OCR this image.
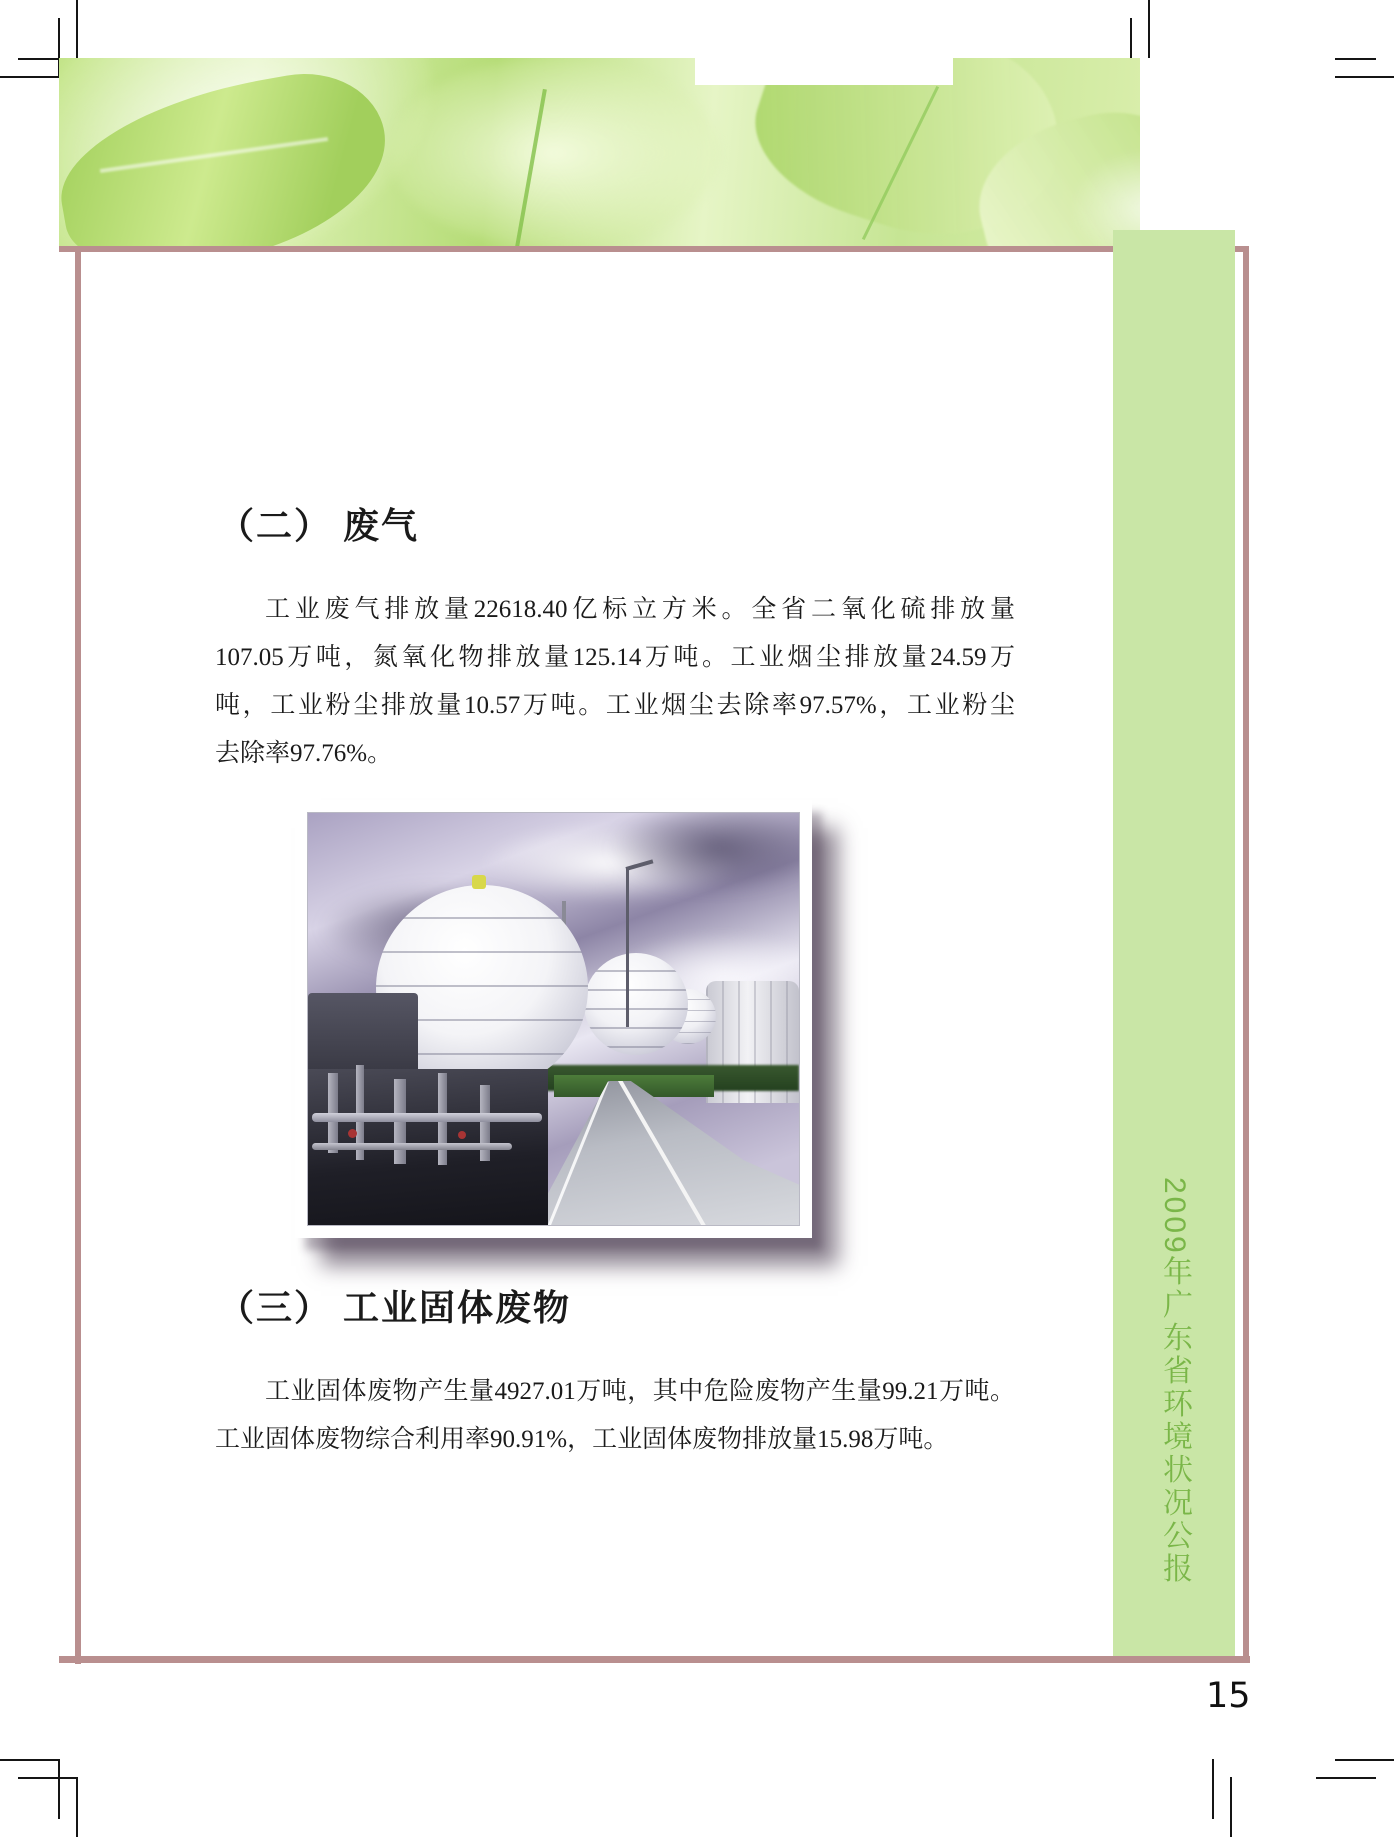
2009年广东省环境状况公报
（二） 废气
工业废气排放量22618.40亿标立方米。全省二氧化硫排放量
107.05万吨，氮氧化物排放量125.14万吨。工业烟尘排放量24.59万
吨，工业粉尘排放量10.57万吨。工业烟尘去除率97.57%，工业粉尘
去除率97.76%。
（三） 工业固体废物
工业固体废物产生量4927.01万吨，其中危险废物产生量99.21万吨。
工业固体废物综合利用率90.91%，工业固体废物排放量15.98万吨。
15
